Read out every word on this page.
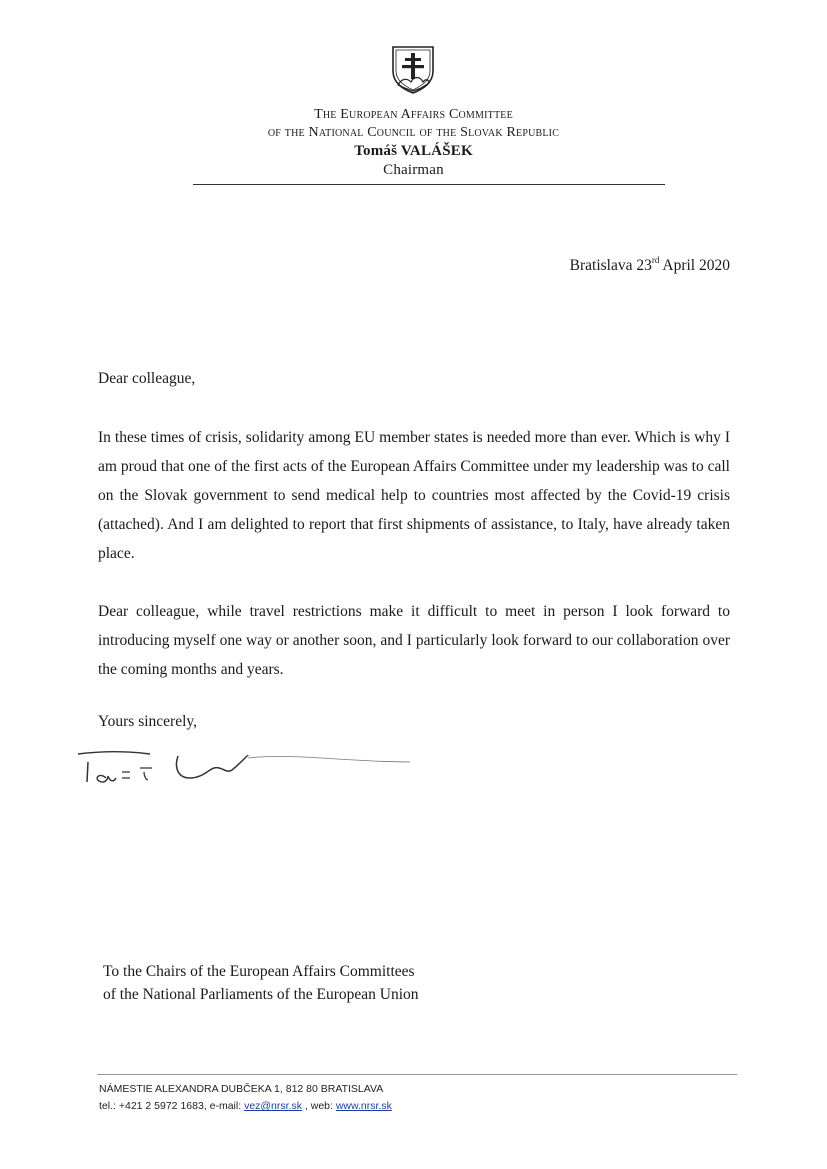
The European Affairs Committee
of the National Council of the Slovak Republic
Tomáš VALÁŠEK
Chairman
Bratislava 23rd April 2020
Dear colleague,
In these times of crisis, solidarity among EU member states is needed more than ever. Which is why I am proud that one of the first acts of the European Affairs Committee under my leadership was to call on the Slovak government to send medical help to countries most affected by the Covid-19 crisis (attached). And I am delighted to report that first shipments of assistance, to Italy, have already taken place.
Dear colleague, while travel restrictions make it difficult to meet in person I look forward to introducing myself one way or another soon, and I particularly look forward to our collaboration over the coming months and years.
Yours sincerely,
To the Chairs of the European Affairs Committees
of the National Parliaments of the European Union
NÁMESTIE ALEXANDRA DUBČEKA 1, 812 80 BRATISLAVA
tel.: +421 2 5972 1683, e-mail: vez@nrsr.sk , web: www.nrsr.sk
